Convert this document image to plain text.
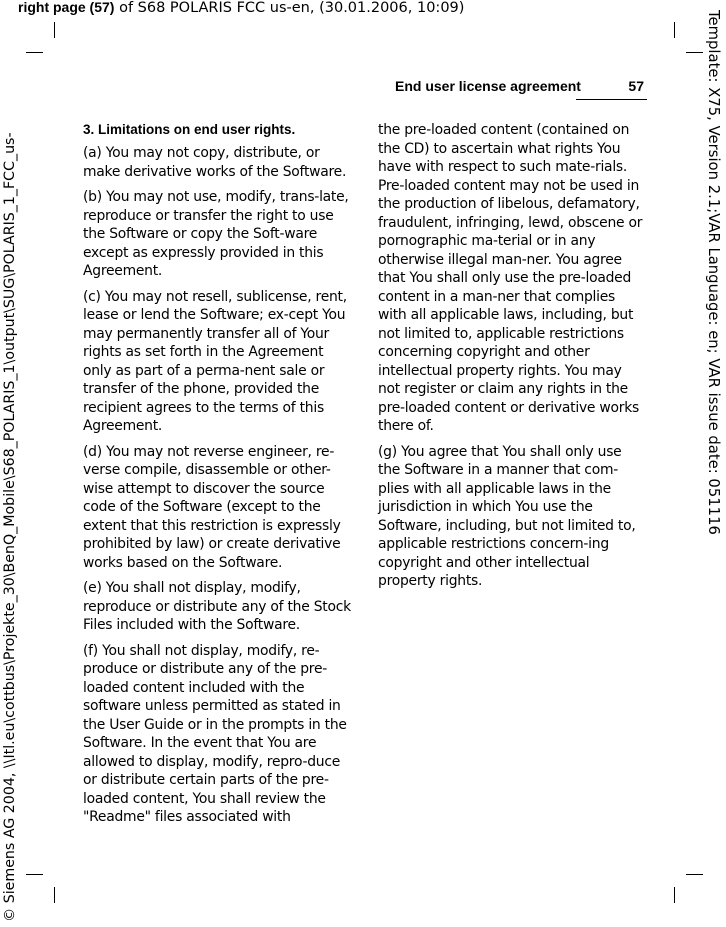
right page (57) of S68 POLARIS FCC us-en, (30.01.2006, 10:09)
© Siemens AG 2004, \\Itl.eu\cottbus\Projekte_30\BenQ_Mobile\S68_POLARIS_1\output\SUG\POLARIS_1_FCC_us-	Template: X75, Version 2.1;VAR Language: en; VAR issue date: 051116
End user license agreement	57
3. Limitations on end user rights.

(a) You may not copy, distribute, or make derivative works of the Software.

(b) You may not use, modify, trans-late, reproduce or transfer the right to use the Software or copy the Soft-ware except as expressly provided in this Agreement.

(c) You may not resell, sublicense, rent, lease or lend the Software; ex-cept You may permanently transfer all of Your rights as set forth in the Agreement only as part of a perma-nent sale or transfer of the phone, provided the recipient agrees to the terms of this Agreement.

(d) You may not reverse engineer, re-verse compile, disassemble or other-wise attempt to discover the source code of the Software (except to the extent that this restriction is expressly prohibited by law) or create derivative works based on the Software.

(e) You shall not display, modify, reproduce or distribute any of the Stock Files included with the Software.

(f) You shall not display, modify, re-produce or distribute any of the pre-loaded content included with the software unless permitted as stated in the User Guide or in the prompts in the Software. In the event that You are allowed to display, modify, repro-duce or distribute certain parts of the pre-loaded content, You shall review the "Readme" files associated with

the pre-loaded content (contained on the CD) to ascertain what rights You have with respect to such mate-rials. Pre-loaded content may not be used in the production of libelous, defamatory, fraudulent, infringing, lewd, obscene or pornographic ma-terial or in any otherwise illegal man-ner. You agree that You shall only use the pre-loaded content in a man-ner that complies with all applicable laws, including, but not limited to, applicable restrictions concerning copyright and other intellectual property rights. You may not register or claim any rights in the pre-loaded content or derivative works there of.

(g) You agree that You shall only use the Software in a manner that com-plies with all applicable laws in the jurisdiction in which You use the Software, including, but not limited to, applicable restrictions concern-ing copyright and other intellectual property rights.
